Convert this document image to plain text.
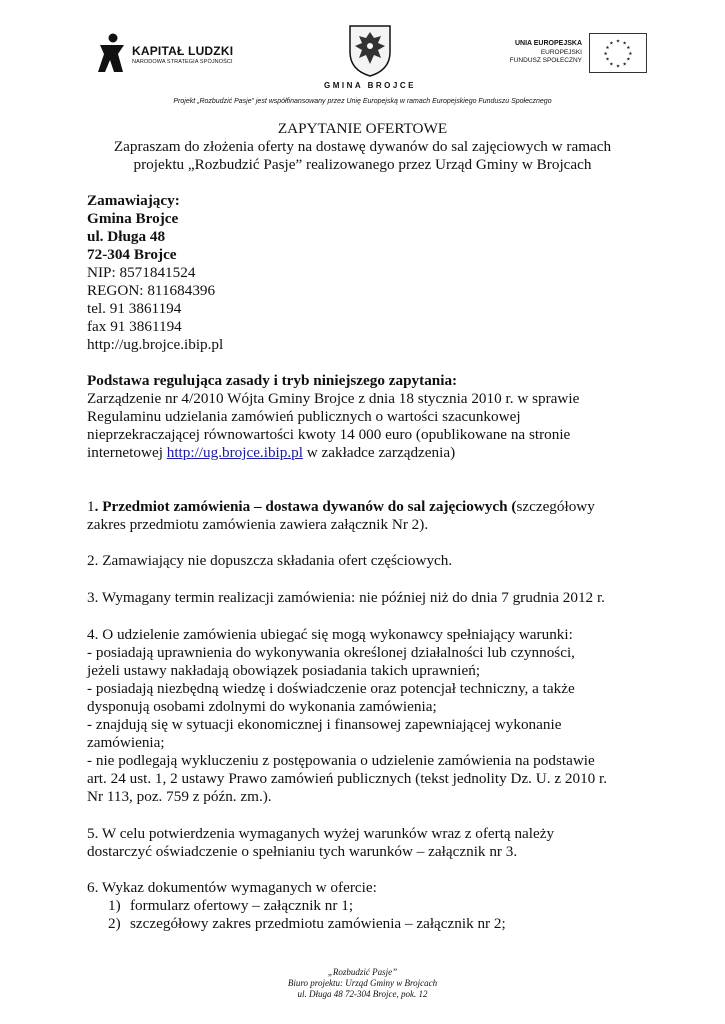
KAPITAŁ LUDZKI
NARODOWA STRATEGIA SPÓJNOŚCI
GMINA BROJCE
UNIA EUROPEJSKA
EUROPEJSKI
FUNDUSZ SPOŁECZNY
★ ★
★
★
★
★
★
★
★
★
★
★
Projekt „Rozbudzić Pasje” jest współfinansowany przez Unię Europejską w ramach Europejskiego Funduszu Społecznego
ZAPYTANIE OFERTOWE
Zapraszam do złożenia oferty na dostawę dywanów do sal zajęciowych w ramach
projektu „Rozbudzić Pasje” realizowanego przez Urząd Gminy w Brojcach
Zamawiający:
Gmina Brojce
ul. Długa 48
72-304 Brojce
NIP: 8571841524
REGON: 811684396
tel. 91 3861194
fax 91 3861194
http://ug.brojce.ibip.pl
Podstawa regulująca zasady i tryb niniejszego zapytania:
Zarządzenie nr 4/2010 Wójta Gminy Brojce z dnia 18 stycznia 2010 r. w sprawie
Regulaminu udzielania zamówień publicznych o wartości szacunkowej
nieprzekraczającej równowartości kwoty 14 000 euro (opublikowane na stronie
internetowej http://ug.brojce.ibip.pl w zakładce zarządzenia)
1. Przedmiot zamówienia – dostawa dywanów do sal zajęciowych (szczegółowy
zakres przedmiotu zamówienia zawiera załącznik Nr 2).
2. Zamawiający nie dopuszcza składania ofert częściowych.
3. Wymagany termin realizacji zamówienia: nie później niż do dnia 7 grudnia 2012 r.
4. O udzielenie zamówienia ubiegać się mogą wykonawcy spełniający warunki:
- posiadają uprawnienia do wykonywania określonej działalności lub czynności,
jeżeli ustawy nakładają obowiązek posiadania takich uprawnień;
- posiadają niezbędną wiedzę i doświadczenie oraz potencjał techniczny, a także
dysponują osobami zdolnymi do wykonania zamówienia;
- znajdują się w sytuacji ekonomicznej i finansowej zapewniającej wykonanie
zamówienia;
- nie podlegają wykluczeniu z postępowania o udzielenie zamówienia na podstawie
art. 24 ust. 1, 2 ustawy Prawo zamówień publicznych (tekst jednolity Dz. U. z 2010 r.
Nr 113, poz. 759 z późn. zm.).
5. W celu potwierdzenia wymaganych wyżej warunków wraz z ofertą należy
dostarczyć oświadczenie o spełnianiu tych warunków – załącznik nr 3.
6. Wykaz dokumentów wymaganych w ofercie:
1) formularz ofertowy – załącznik nr 1;
2) szczegółowy zakres przedmiotu zamówienia – załącznik nr 2;
„Rozbudzić Pasje”
Biuro projektu: Urząd Gminy w Brojcach
ul. Długa 48 72-304 Brojce, pok. 12
